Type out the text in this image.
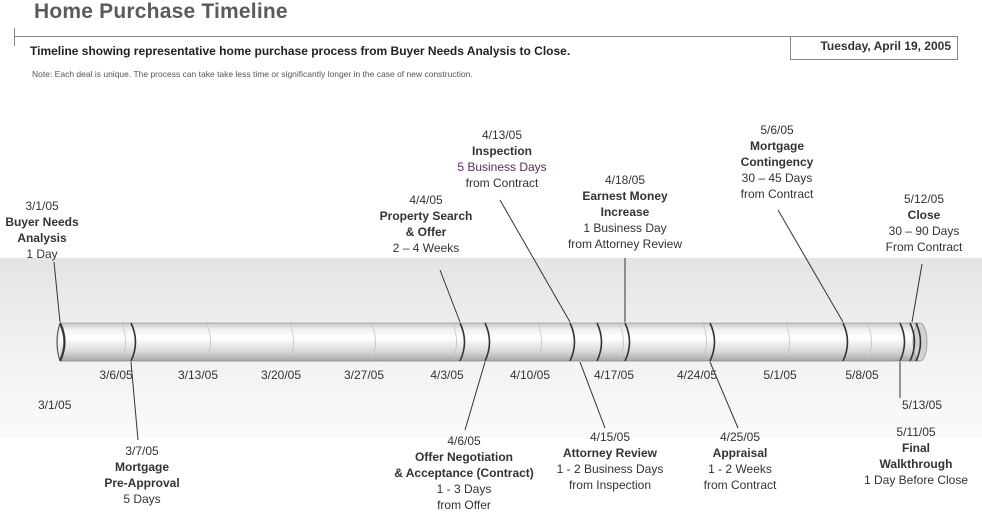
Home Purchase Timeline
Timeline showing representative home purchase process from Buyer Needs Analysis to Close.	Tuesday, April 19, 2005
Note: Each deal is unique. The process can take take less time or significantly longer in the case of new construction.
3/1/05
3/6/05	3/13/05	3/20/05	3/27/05	4/3/05	4/10/05	4/17/05	4/24/05	5/1/05	5/8/05
5/13/05
3/1/05
Buyer Needs
Analysis
1 Day
3/7/05
Mortgage
Pre-Approval
5 Days
4/4/05
Property Search
& Offer
2 – 4 Weeks
4/6/05
Offer Negotiation
& Acceptance (Contract)
1 - 3 Days
from Offer
4/13/05
Inspection
5 Business Days
from Contract
4/15/05
Attorney Review
1 - 2 Business Days
from Inspection
4/18/05
Earnest Money
Increase
1 Business Day
from Attorney Review
4/25/05
Appraisal
1 - 2 Weeks
from Contract
5/6/05
Mortgage
Contingency
30 – 45 Days
from Contract
5/11/05
Final
Walkthrough
1 Day Before Close
5/12/05
Close
30 – 90 Days
From Contract
